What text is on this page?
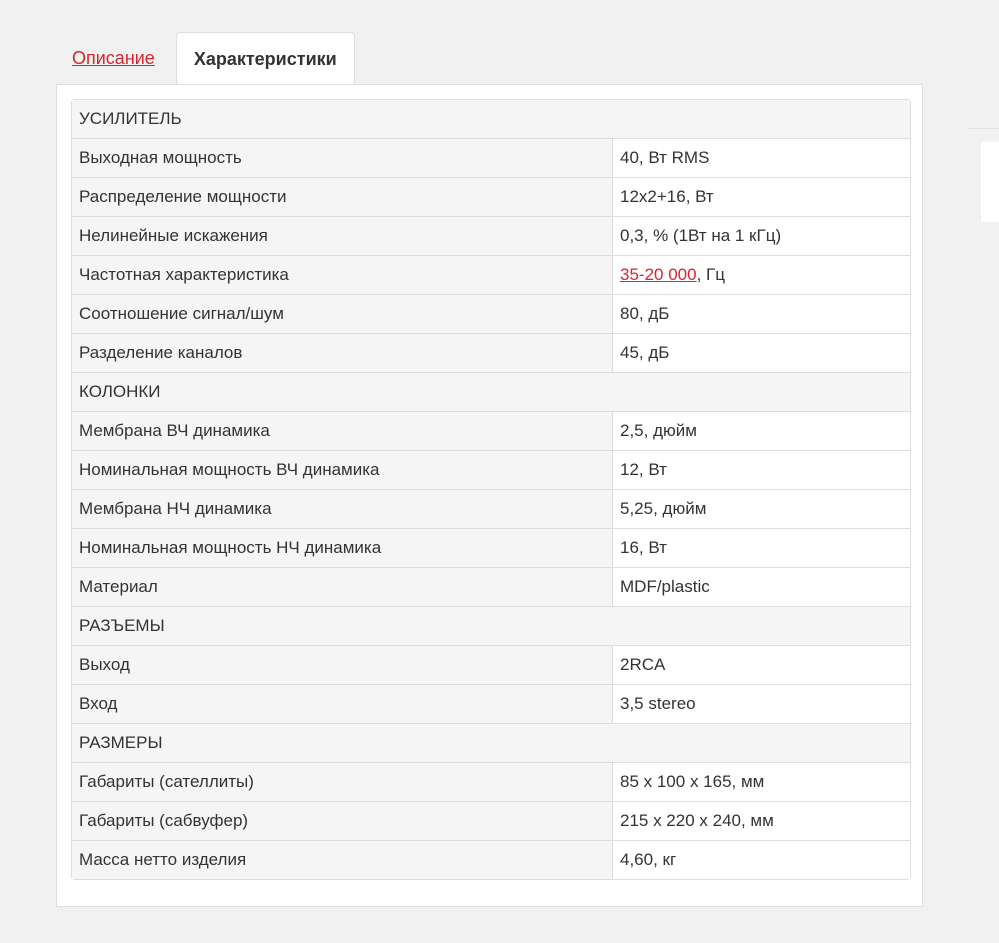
Описание	Характеристики
УСИЛИТЕЛЬ	
Выходная мощность	40, Вт RMS
Распределение мощности	12x2+16, Вт
Нелинейные искажения	0,3, % (1Вт на 1 кГц)
Частотная характеристика	35-20 000, Гц
Соотношение сигнал/шум	80, дБ
Разделение каналов	45, дБ
КОЛОНКИ	
Мембрана ВЧ динамика	2,5, дюйм
Номинальная мощность ВЧ динамика	12, Вт
Мембрана НЧ динамика	5,25, дюйм
Номинальная мощность НЧ динамика	16, Вт
Материал	MDF/plastic
РАЗЪЕМЫ	
Выход	2RCA
Вход	3,5 stereo
РАЗМЕРЫ	
Габариты (сателлиты)	85 x 100 x 165, мм
Габариты (сабвуфер)	215 x 220 x 240, мм
Масса нетто изделия	4,60, кг
